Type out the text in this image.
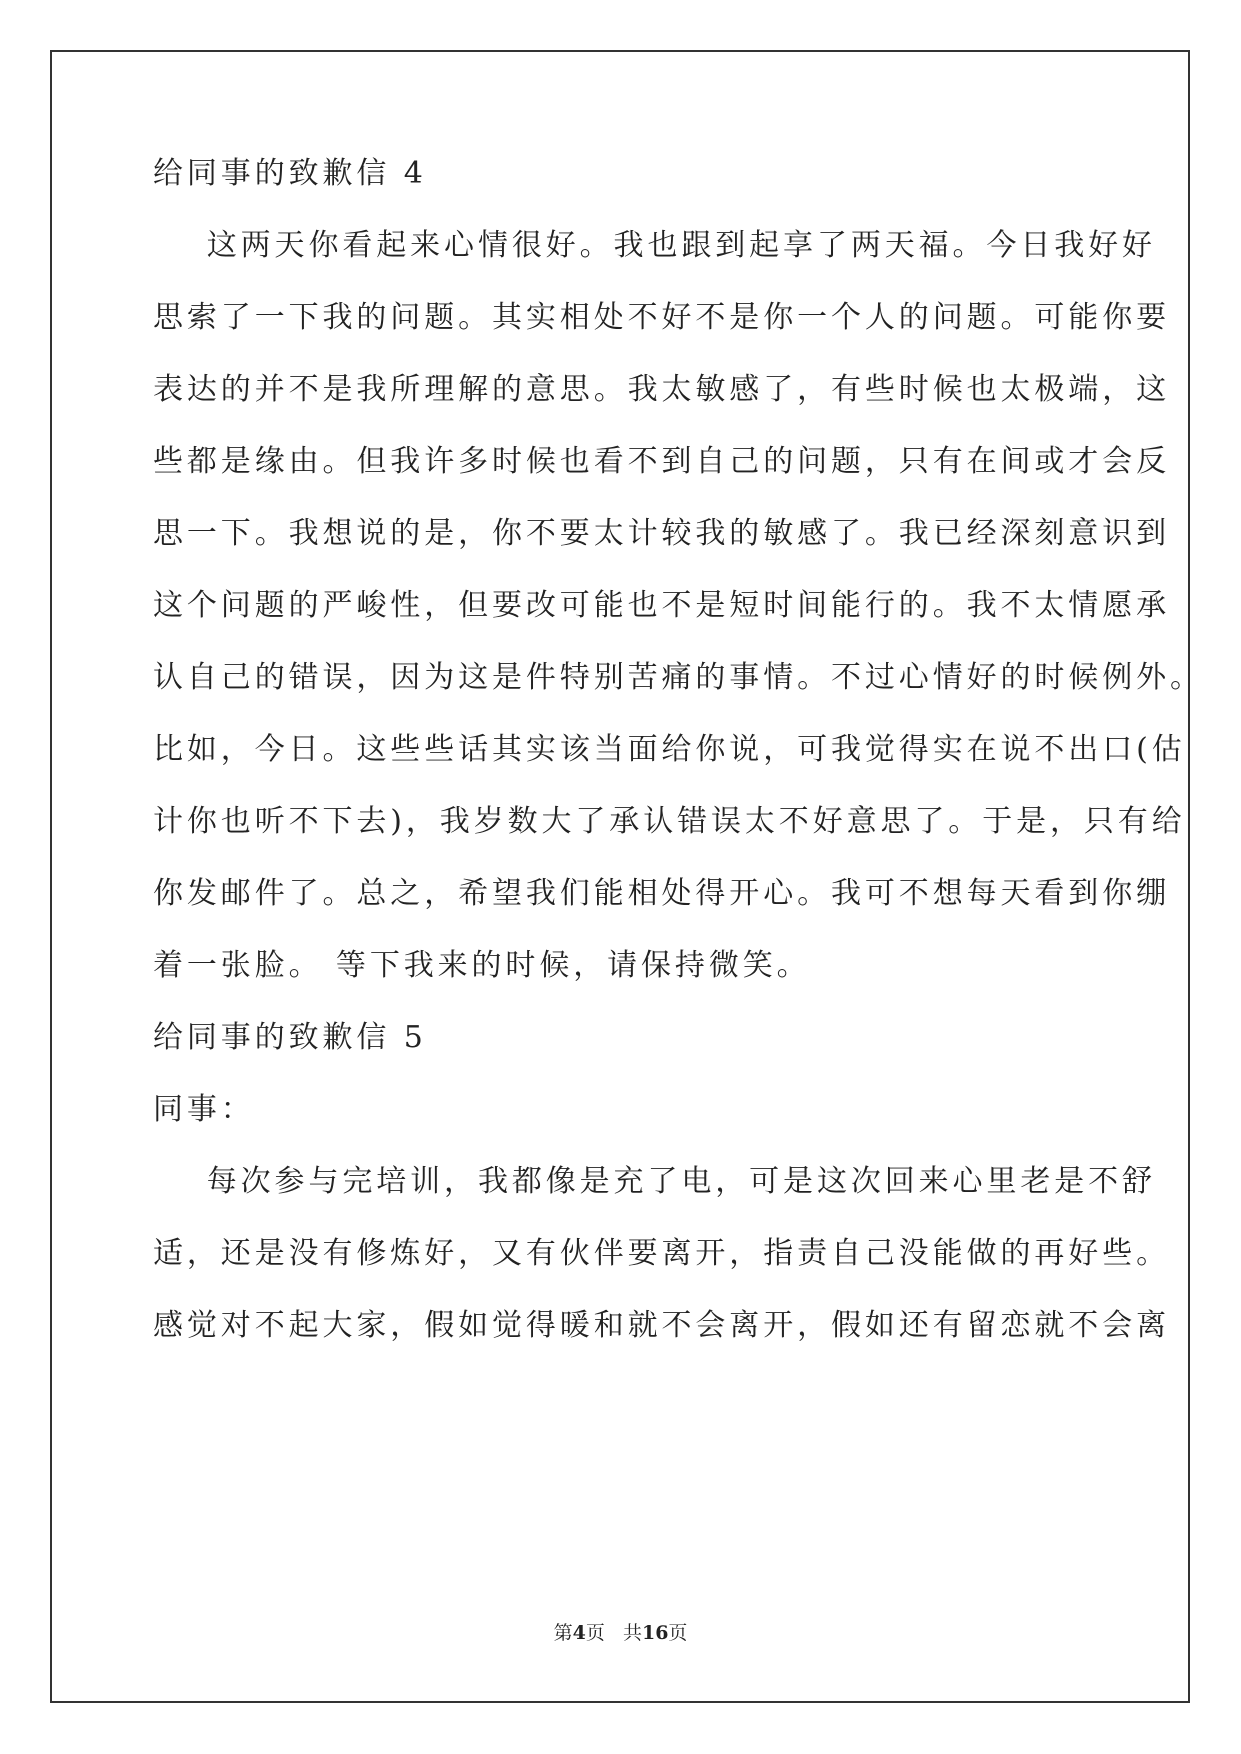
给同事的致歉信 4
这两天你看起来心情很好。我也跟到起享了两天福。今日我好好
思索了一下我的问题。其实相处不好不是你一个人的问题。可能你要
表达的并不是我所理解的意思。我太敏感了，有些时候也太极端，这
些都是缘由。但我许多时候也看不到自己的问题，只有在间或才会反
思一下。我想说的是，你不要太计较我的敏感了。我已经深刻意识到
这个问题的严峻性，但要改可能也不是短时间能行的。我不太情愿承
认自己的错误，因为这是件特别苦痛的事情。不过心情好的时候例外。
比如，今日。这些些话其实该当面给你说，可我觉得实在说不出口(估
计你也听不下去)，我岁数大了承认错误太不好意思了。于是，只有给
你发邮件了。总之，希望我们能相处得开心。我可不想每天看到你绷
着一张脸。 等下我来的时候，请保持微笑。
给同事的致歉信 5
同事：
每次参与完培训，我都像是充了电，可是这次回来心里老是不舒
适，还是没有修炼好，又有伙伴要离开，指责自己没能做的再好些。
感觉对不起大家，假如觉得暖和就不会离开，假如还有留恋就不会离
第4页 共16页
